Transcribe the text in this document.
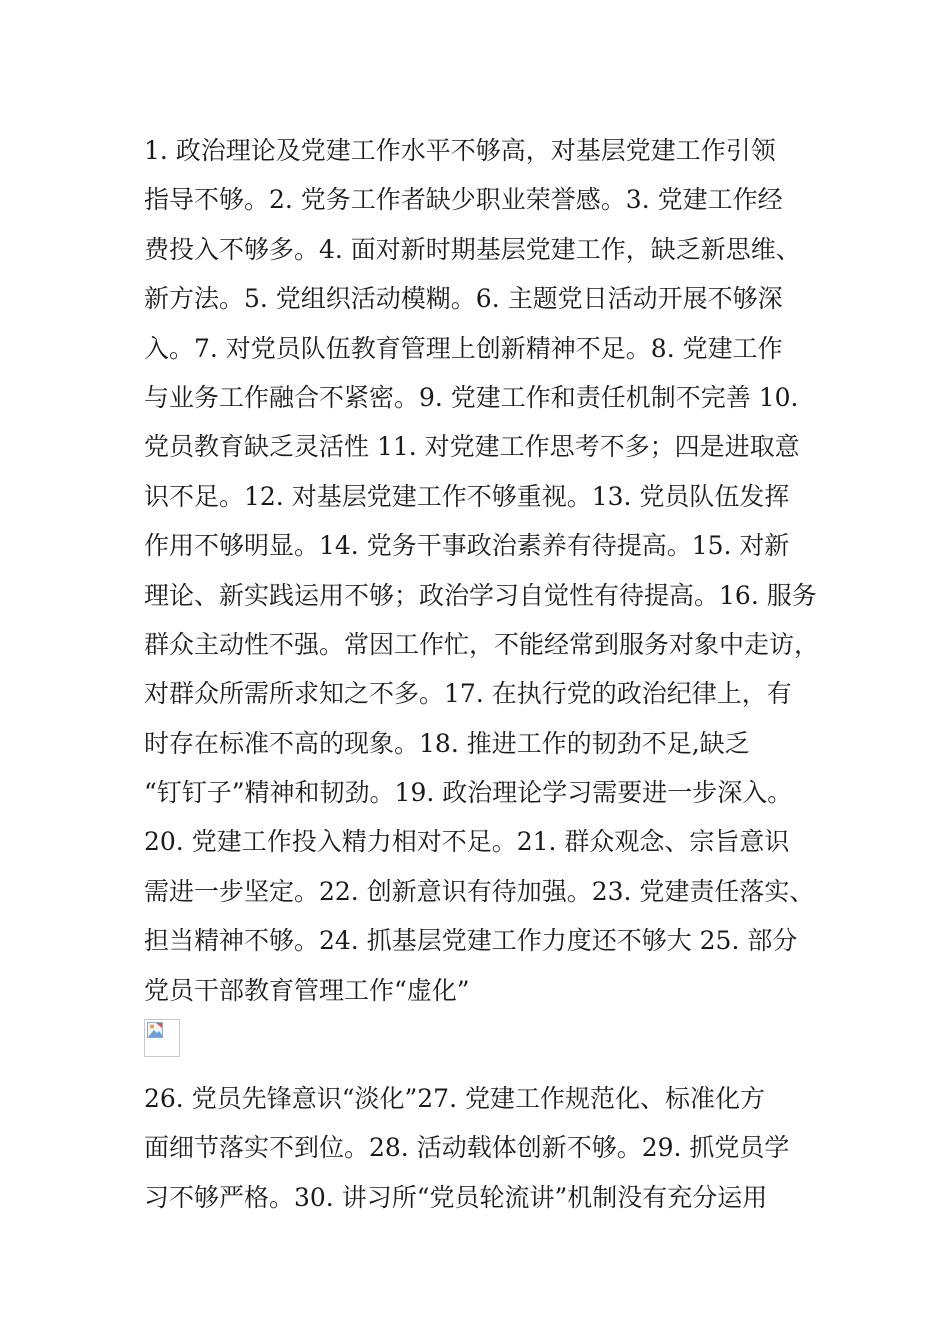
1. 政治理论及党建工作水平不够高，对基层党建工作引领
指导不够。2. 党务工作者缺少职业荣誉感。3. 党建工作经
费投入不够多。4. 面对新时期基层党建工作，缺乏新思维、
新方法。5. 党组织活动模糊。6. 主题党日活动开展不够深
入。7. 对党员队伍教育管理上创新精神不足。8. 党建工作
与业务工作融合不紧密。9. 党建工作和责任机制不完善 10.
党员教育缺乏灵活性 11. 对党建工作思考不多；四是进取意
识不足。12. 对基层党建工作不够重视。13. 党员队伍发挥
作用不够明显。14. 党务干事政治素养有待提高。15. 对新
理论、新实践运用不够；政治学习自觉性有待提高。16. 服务
群众主动性不强。常因工作忙，不能经常到服务对象中走访，
对群众所需所求知之不多。17. 在执行党的政治纪律上，有
时存在标准不高的现象。18. 推进工作的韧劲不足,缺乏
“钉钉子”精神和韧劲。19. 政治理论学习需要进一步深入。
20. 党建工作投入精力相对不足。21. 群众观念、宗旨意识
需进一步坚定。22. 创新意识有待加强。23. 党建责任落实、
担当精神不够。24. 抓基层党建工作力度还不够大 25. 部分
党员干部教育管理工作“虚化”
26. 党员先锋意识“淡化”27. 党建工作规范化、标准化方
面细节落实不到位。28. 活动载体创新不够。29. 抓党员学
习不够严格。30. 讲习所“党员轮流讲”机制没有充分运用
